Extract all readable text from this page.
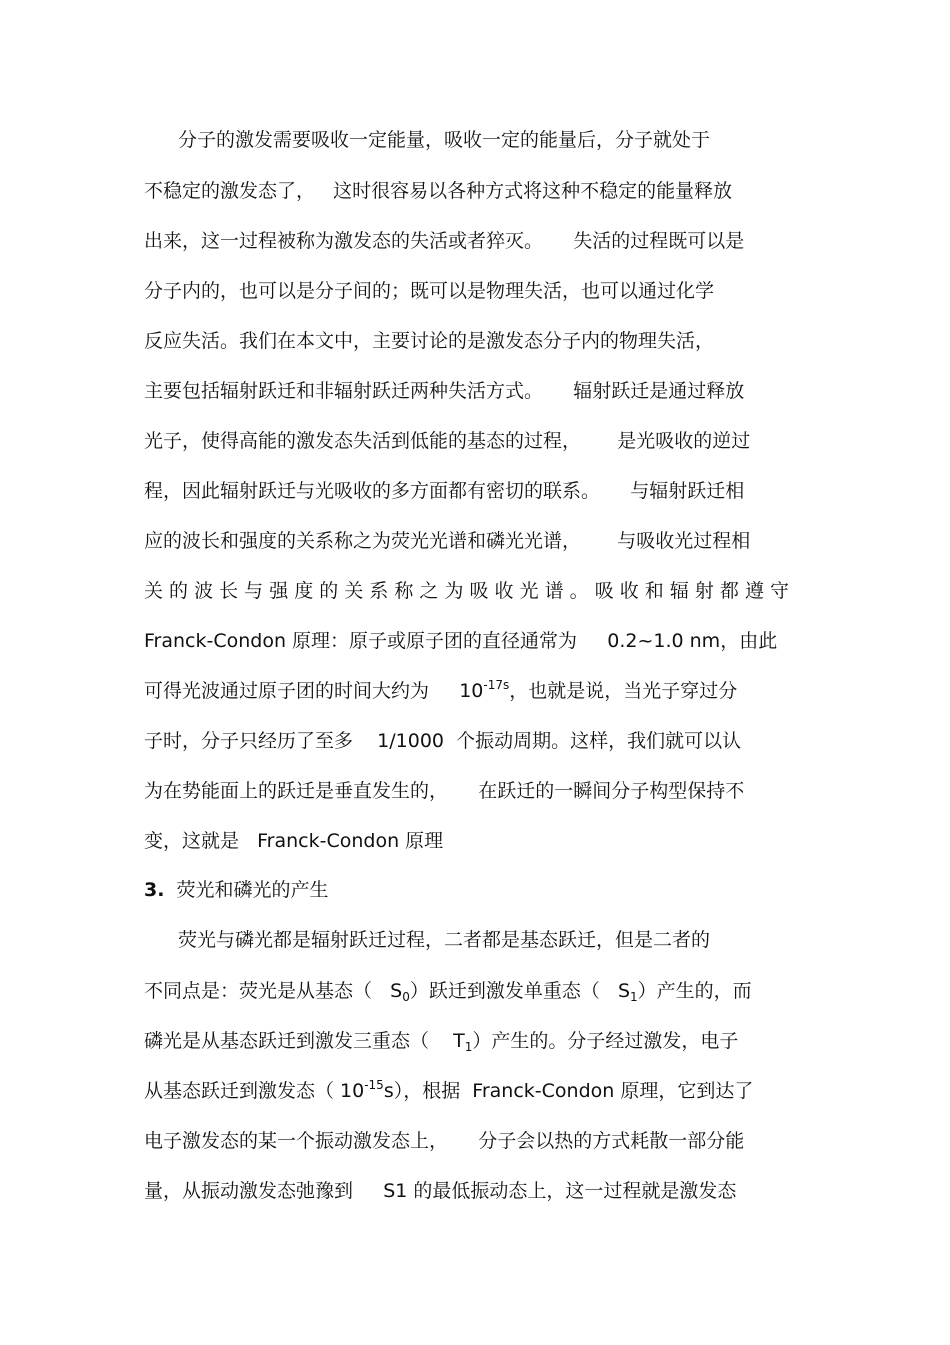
分子的激发需要吸收一定能量，吸收一定的能量后，分子就处于
不稳定的激发态了，   这时很容易以各种方式将这种不稳定的能量释放
出来，这一过程被称为激发态的失活或者猝灭。     失活的过程既可以是
分子内的，也可以是分子间的；既可以是物理失活，也可以通过化学
反应失活。我们在本文中，主要讨论的是激发态分子内的物理失活，
主要包括辐射跃迁和非辐射跃迁两种失活方式。     辐射跃迁是通过释放
光子，使得高能的激发态失活到低能的基态的过程，      是光吸收的逆过
程，因此辐射跃迁与光吸收的多方面都有密切的联系。     与辐射跃迁相
应的波长和强度的关系称之为荧光光谱和磷光光谱，      与吸收光过程相
关 的 波 长 与 强 度 的 关 系 称 之 为 吸 收 光 谱 。 吸 收 和 辐 射 都 遵 守
Franck-Condon 原理：原子或原子团的直径通常为     0.2~1.0 nm，由此
可得光波通过原子团的时间大约为     $10^{-17s}$，也就是说，当光子穿过分
子时，分子只经历了至多    1/1000  个振动周期。这样，我们就可以认
为在势能面上的跃迁是垂直发生的，     在跃迁的一瞬间分子构型保持不
变，这就是   Franck-Condon 原理
3.  荧光和磷光的产生
荧光与磷光都是辐射跃迁过程，二者都是基态跃迁，但是二者的
不同点是：荧光是从基态（   $S_0$）跃迁到激发单重态（   $S_1$）产生的，而
磷光是从基态跃迁到激发三重态（    $T_1$）产生的。分子经过激发，电子
从基态跃迁到激发态（ $10^{-15}s$），根据  Franck-Condon 原理，它到达了
电子激发态的某一个振动激发态上，     分子会以热的方式耗散一部分能
量，从振动激发态弛豫到     S1 的最低振动态上，这一过程就是激发态
